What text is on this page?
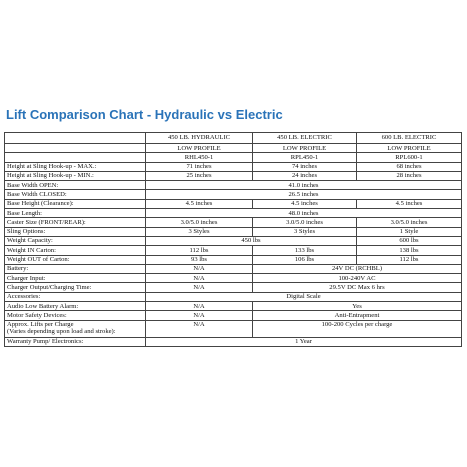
Lift Comparison Chart - Hydraulic vs Electric
	450 LB. HYDRAULIC	450 LB. ELECTRIC	600 LB. ELECTRIC
	LOW PROFILE	LOW PROFILE	LOW PROFILE
	RHL450-1	RPL450-1	RPL600-1
Height at Sling Hook-up - MAX.:	71 inches	74 inches	68 inches
Height at Sling Hook-up - MIN.:	25 inches	24 inches	28 inches
Base Width OPEN:	41.0 inches		
Base Width CLOSED:	26.5 inches		
Base Height (Clearance):	4.5 inches	4.5 inches	4.5 inches
Base Length:	48.0 inches		
Caster Size (FRONT/REAR):	3.0/5.0 inches	3.0/5.0 inches	3.0/5.0 inches
Sling Options:	3 Styles	3 Styles	1 Style
Weight Capacity:	450 lbs		600 lbs
Weight IN Carton:	112 lbs	133 lbs	138 lbs
Weight OUT of Carton:	93 lbs	106 lbs	112 lbs
Battery:	N/A	24V DC (RCHBL)	
Charger Input:	N/A	100-240V AC	
Charger Output/Charging Time:	N/A	29.5V DC Max 6 hrs	
Accessories:	Digital Scale		
Audio Low Battery Alarm:	N/A	Yes	
Motor Safety Devices:	N/A	Anti-Entrapment	
Approx. Lifts per Charge
(Varies depending upon load and stroke):	N/A	100-200 Cycles per charge	
Warranty Pump/ Electronics:	1 Year		
